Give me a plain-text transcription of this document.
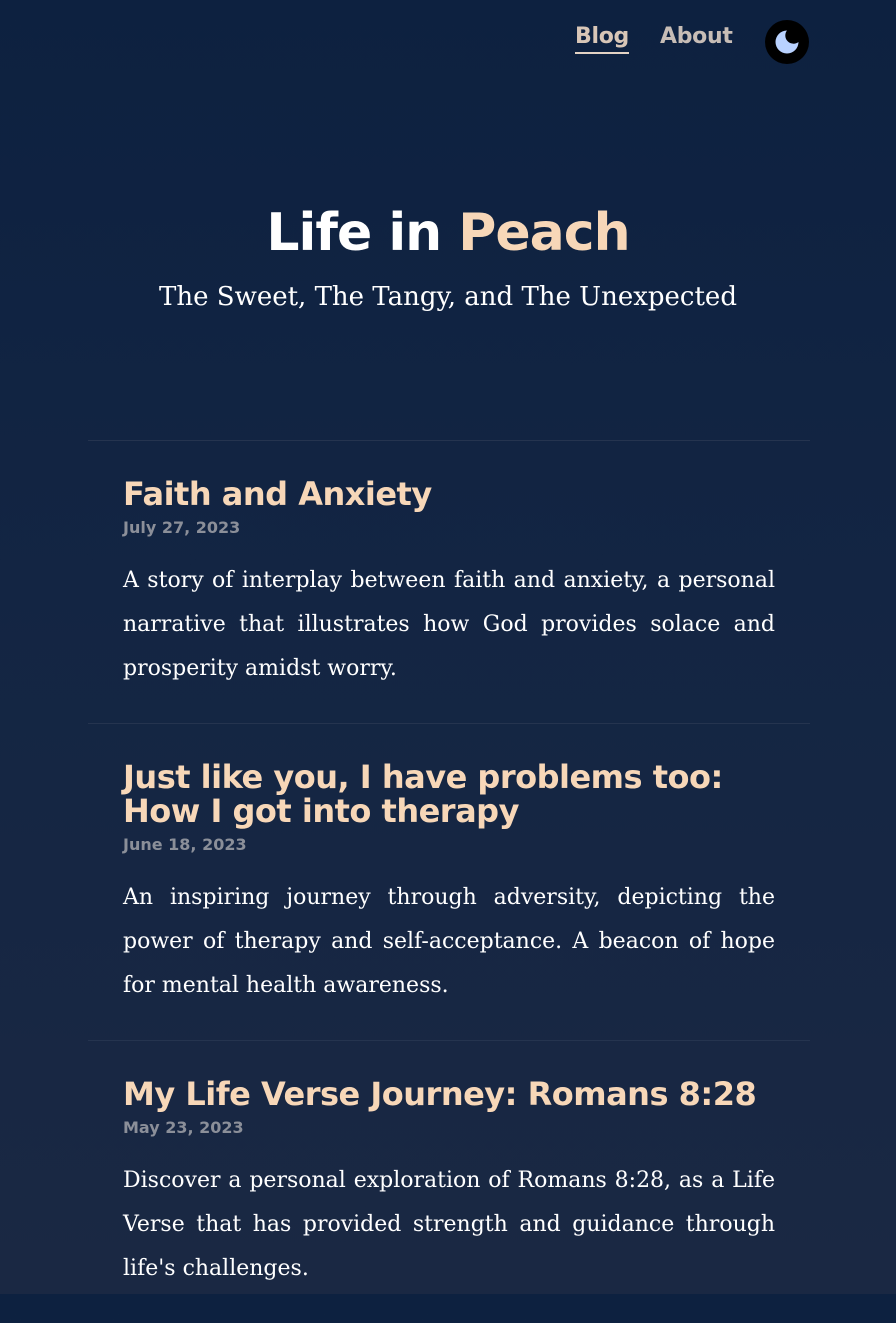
Blog About
Life in Peach

The Sweet, The Tangy, and The Unexpected

Faith and Anxiety
July 27, 2023

A story of interplay between faith and anxiety, a personal narrative that illustrates how God provides solace and prosperity amidst worry.

Just like you, I have problems too: How I got into therapy
June 18, 2023

An inspiring journey through adversity, depicting the power of therapy and self-acceptance. A beacon of hope for mental health awareness.

My Life Verse Journey: Romans 8:28
May 23, 2023

Discover a personal exploration of Romans 8:28, as a Life Verse that has provided strength and guidance through life's challenges.
